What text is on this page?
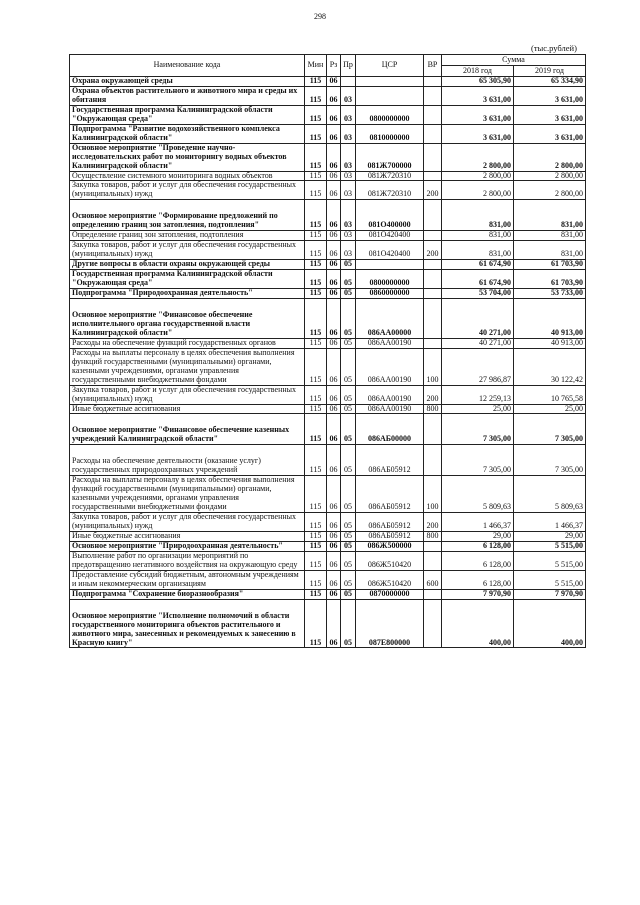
298
(тыс.рублей)
Наименование кода	Мин	Рз	Пр	ЦСР	ВР	Сумма	
						2018 год	2019 год
Охрана окружающей среды	115	06				65 305,90	65 334,90
Охрана объектов растительного и животного мира и среды их обитания	115	06	03			3 631,00	3 631,00
Государственная программа Калининградской области "Окружающая среда"	115	06	03	0800000000		3 631,00	3 631,00
Подпрограмма "Развитие водохозяйственного комплекса Калининградской области"	115	06	03	0810000000		3 631,00	3 631,00
Основное мероприятие "Проведение научно-исследовательских работ по мониторингу водных объектов Калининградской области"	115	06	03	081Ж700000		2 800,00	2 800,00
Осуществление системного мониторинга водных объектов	115	06	03	081Ж720310		2 800,00	2 800,00
Закупка товаров, работ и услуг для обеспечения государственных (муниципальных) нужд	115	06	03	081Ж720310	200	2 800,00	2 800,00
Основное мероприятие "Формирование предложений по определению границ зон затопления, подтопления"	115	06	03	081O400000		831,00	831,00
Определение границ зон затопления, подтопления	115	06	03	081O420400		831,00	831,00
Закупка товаров, работ и услуг для обеспечения государственных (муниципальных) нужд	115	06	03	081O420400	200	831,00	831,00
Другие вопросы в области охраны окружающей среды	115	06	05			61 674,90	61 703,90
Государственная программа Калининградской области "Окружающая среда"	115	06	05	0800000000		61 674,90	61 703,90
Подпрограмма "Природоохранная деятельность"	115	06	05	0860000000		53 704,00	53 733,00
Основное мероприятие "Финансовое обеспечение исполнительного органа государственной власти Калининградской области"	115	06	05	086AA00000		40 271,00	40 913,00
Расходы на обеспечение функций государственных органов	115	06	05	086AA00190		40 271,00	40 913,00
Расходы на выплаты персоналу в целях обеспечения выполнения функций государственными (муниципальными) органами, казенными учреждениями, органами управления государственными внебюджетными фондами	115	06	05	086AA00190	100	27 986,87	30 122,42
Закупка товаров, работ и услуг для обеспечения государственных (муниципальных) нужд	115	06	05	086AA00190	200	12 259,13	10 765,58
Иные бюджетные ассигнования	115	06	05	086AA00190	800	25,00	25,00
Основное мероприятие "Финансовое обеспечение казенных учреждений Калининградской области"	115	06	05	086AБ00000		7 305,00	7 305,00
Расходы на обеспечение деятельности (оказание услуг) государственных природоохранных учреждений	115	06	05	086AБ05912		7 305,00	7 305,00
Расходы на выплаты персоналу в целях обеспечения выполнения функций государственными (муниципальными) органами, казенными учреждениями, органами управления государственными внебюджетными фондами	115	06	05	086AБ05912	100	5 809,63	5 809,63
Закупка товаров, работ и услуг для обеспечения государственных (муниципальных) нужд	115	06	05	086AБ05912	200	1 466,37	1 466,37
Иные бюджетные ассигнования	115	06	05	086AБ05912	800	29,00	29,00
Основное мероприятие "Природоохранная деятельность"	115	06	05	086Ж500000		6 128,00	5 515,00
Выполнение работ по организации мероприятий по предотвращению негативного воздействия на окружающую среду	115	06	05	086Ж510420		6 128,00	5 515,00
Предоставление субсидий бюджетным, автономным учреждениям и иным некоммерческим организациям	115	06	05	086Ж510420	600	6 128,00	5 515,00
Подпрограмма "Сохранение биоразнообразия"	115	06	05	0870000000		7 970,90	7 970,90
Основное мероприятие "Исполнение полномочий в области государственного мониторинга объектов растительного и животного мира, занесенных и рекомендуемых к занесению в Красную книгу"	115	06	05	087E800000		400,00	400,00
